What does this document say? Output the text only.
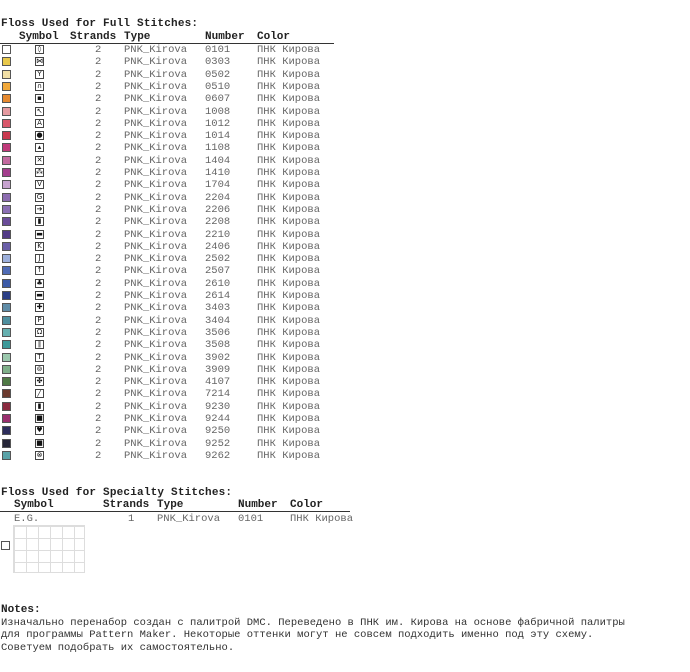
Floss Used for Full Stitches:
Symbol Strands Type	Number Color
◊	2 PNK_Kirova 0101	ПНК Кирова
⋈	2 PNK_Kirova 0303	ПНК Кирова
Y	2 PNK_Kirova 0502	ПНК Кирова
∩	2 PNK_Kirova 0510	ПНК Кирова
▪	2 PNK_Kirova 0607	ПНК Кирова
↖	2 PNK_Kirova 1008	ПНК Кирова
A	2 PNK_Kirova 1012	ПНК Кирова
●	2 PNK_Kirova 1014	ПНК Кирова
▴	2 PNK_Kirova 1108	ПНК Кирова
✕	2 PNK_Kirova 1404	ПНК Кирова
⁂	2 PNK_Kirova 1410	ПНК Кирова
V	2 PNK_Kirova 1704	ПНК Кирова
G	2 PNK_Kirova 2204	ПНК Кирова
➔	2 PNK_Kirova 2206	ПНК Кирова
▮	2 PNK_Kirova 2208	ПНК Кирова
▬	2 PNK_Kirova 2210	ПНК Кирова
K	2 PNK_Kirova 2406	ПНК Кирова
J	2 PNK_Kirova 2502	ПНК Кирова
↑	2 PNK_Kirova 2507	ПНК Кирова
♣	2 PNK_Kirova 2610	ПНК Кирова
▬	2 PNK_Kirova 2614	ПНК Кирова
✚	2 PNK_Kirova 3403	ПНК Кирова
P	2 PNK_Kirova 3404	ПНК Кирова
Ω	2 PNK_Kirova 3506	ПНК Кирова
∥	2 PNK_Kirova 3508	ПНК Кирова
T	2 PNK_Kirova 3902	ПНК Кирова
⊚	2 PNK_Kirova 3909	ПНК Кирова
✤	2 PNK_Kirova 4107	ПНК Кирова
╱	2 PNK_Kirova 7214	ПНК Кирова
▮	2 PNK_Kirova 9230	ПНК Кирова
■	2 PNK_Kirova 9244	ПНК Кирова
♥	2 PNK_Kirova 9250	ПНК Кирова
■	2 PNK_Kirova 9252	ПНК Кирова
⊗	2 PNK_Kirova 9262	ПНК Кирова
Floss Used for Specialty Stitches:
Symbol	Strands Type	Number Color
E.G.	1 PNK_Kirova 0101	ПНК Кирова
Notes:
Изначально перенабор создан с палитрой DMC. Переведено в ПНК им. Кирова на основе фабричной палитры
для программы Pattern Maker. Некоторые оттенки могут не совсем подходить именно под эту схему.
Советуем подобрать их самостоятельно.
